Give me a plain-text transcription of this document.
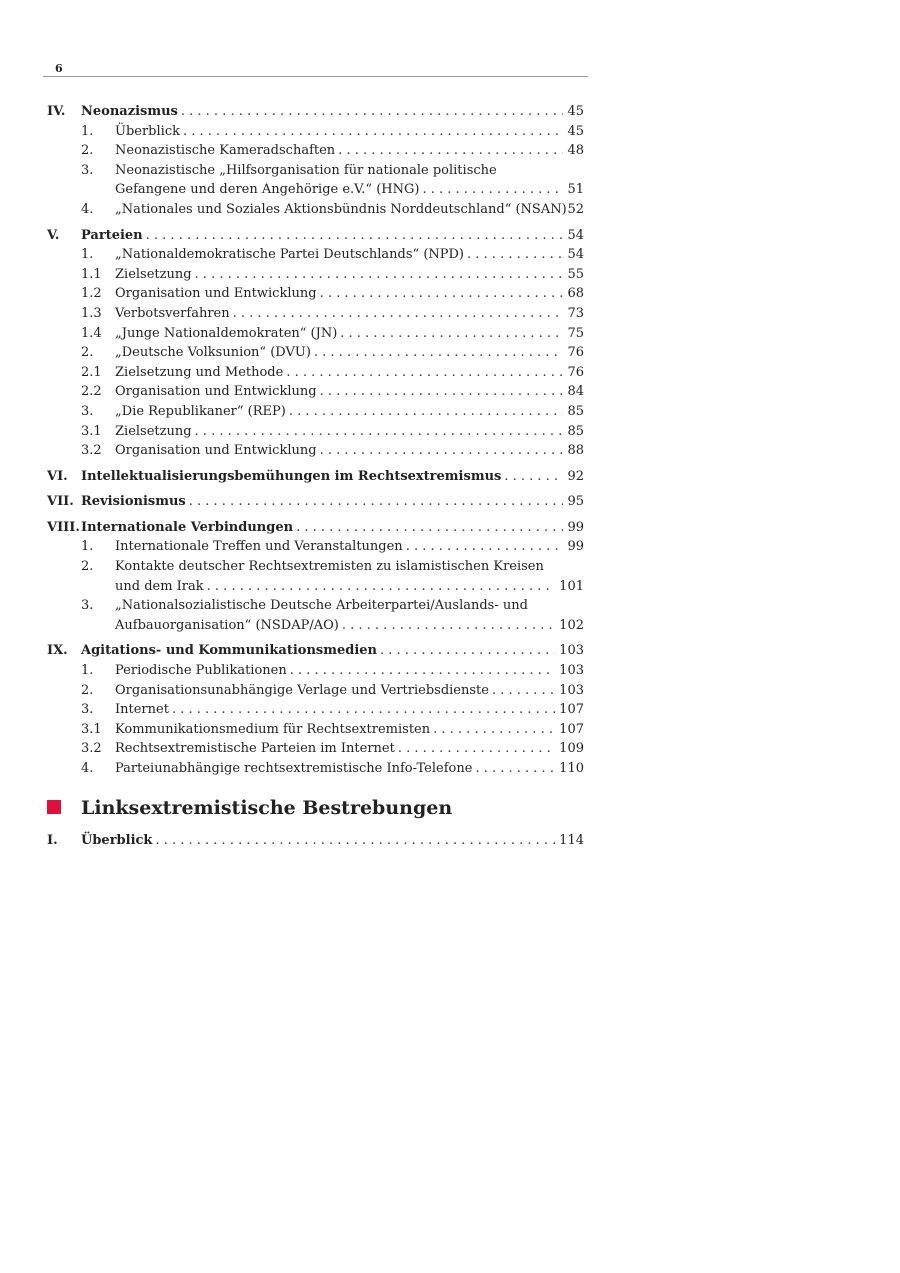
6
IV.	Neonazismus . . .	45
1.	Überblick . . .	45
2.	Neonazistische Kameradschaften . . .	48
3.	Neonazistische „Hilfsorganisation für nationale politische
Gefangene und deren Angehörige e.V.“ (HNG) . . .	51
4.	„Nationales und Soziales Aktionsbündnis Norddeutschland“ (NSAN) . . . 52
V.	Parteien . . .	54
1.	„Nationaldemokratische Partei Deutschlands“ (NPD) . . .	54
1.1	Zielsetzung . . .	55
1.2	Organisation und Entwicklung . . .	68
1.3	Verbotsverfahren . . .	73
1.4	„Junge Nationaldemokraten“ (JN) . . .	75
2.	„Deutsche Volksunion“ (DVU) . . .	76
2.1	Zielsetzung und Methode . . .	76
2.2	Organisation und Entwicklung . . .	84
3.	„Die Republikaner“ (REP) . . .	85
3.1	Zielsetzung . . .	85
3.2	Organisation und Entwicklung . . .	88
VI.	Intellektualisierungsbemühungen im Rechtsextremismus . . .	92
VII. Revisionismus . . .	95
VIII. Internationale Verbindungen . . .	99
1.	Internationale Treffen und Veranstaltungen . . .	99
2.	Kontakte deutscher Rechtsextremisten zu islamistischen Kreisen
und dem Irak . . .	101
3.	„Nationalsozialistische Deutsche Arbeiterpartei/Auslands- und
Aufbauorganisation“ (NSDAP/AO) . . .	102
IX.	Agitations- und Kommunikationsmedien . . .	103
1.	Periodische Publikationen . . .	103
2.	Organisationsunabhängige Verlage und Vertriebsdienste . . .	103
3.	Internet . . .	107
3.1	Kommunikationsmedium für Rechtsextremisten . . .	107
3.2	Rechtsextremistische Parteien im Internet . . .	109
4.	Parteiunabhängige rechtsextremistische Info-Telefone . . .	110
Linksextremistische Bestrebungen
I.	Überblick . . .	114
